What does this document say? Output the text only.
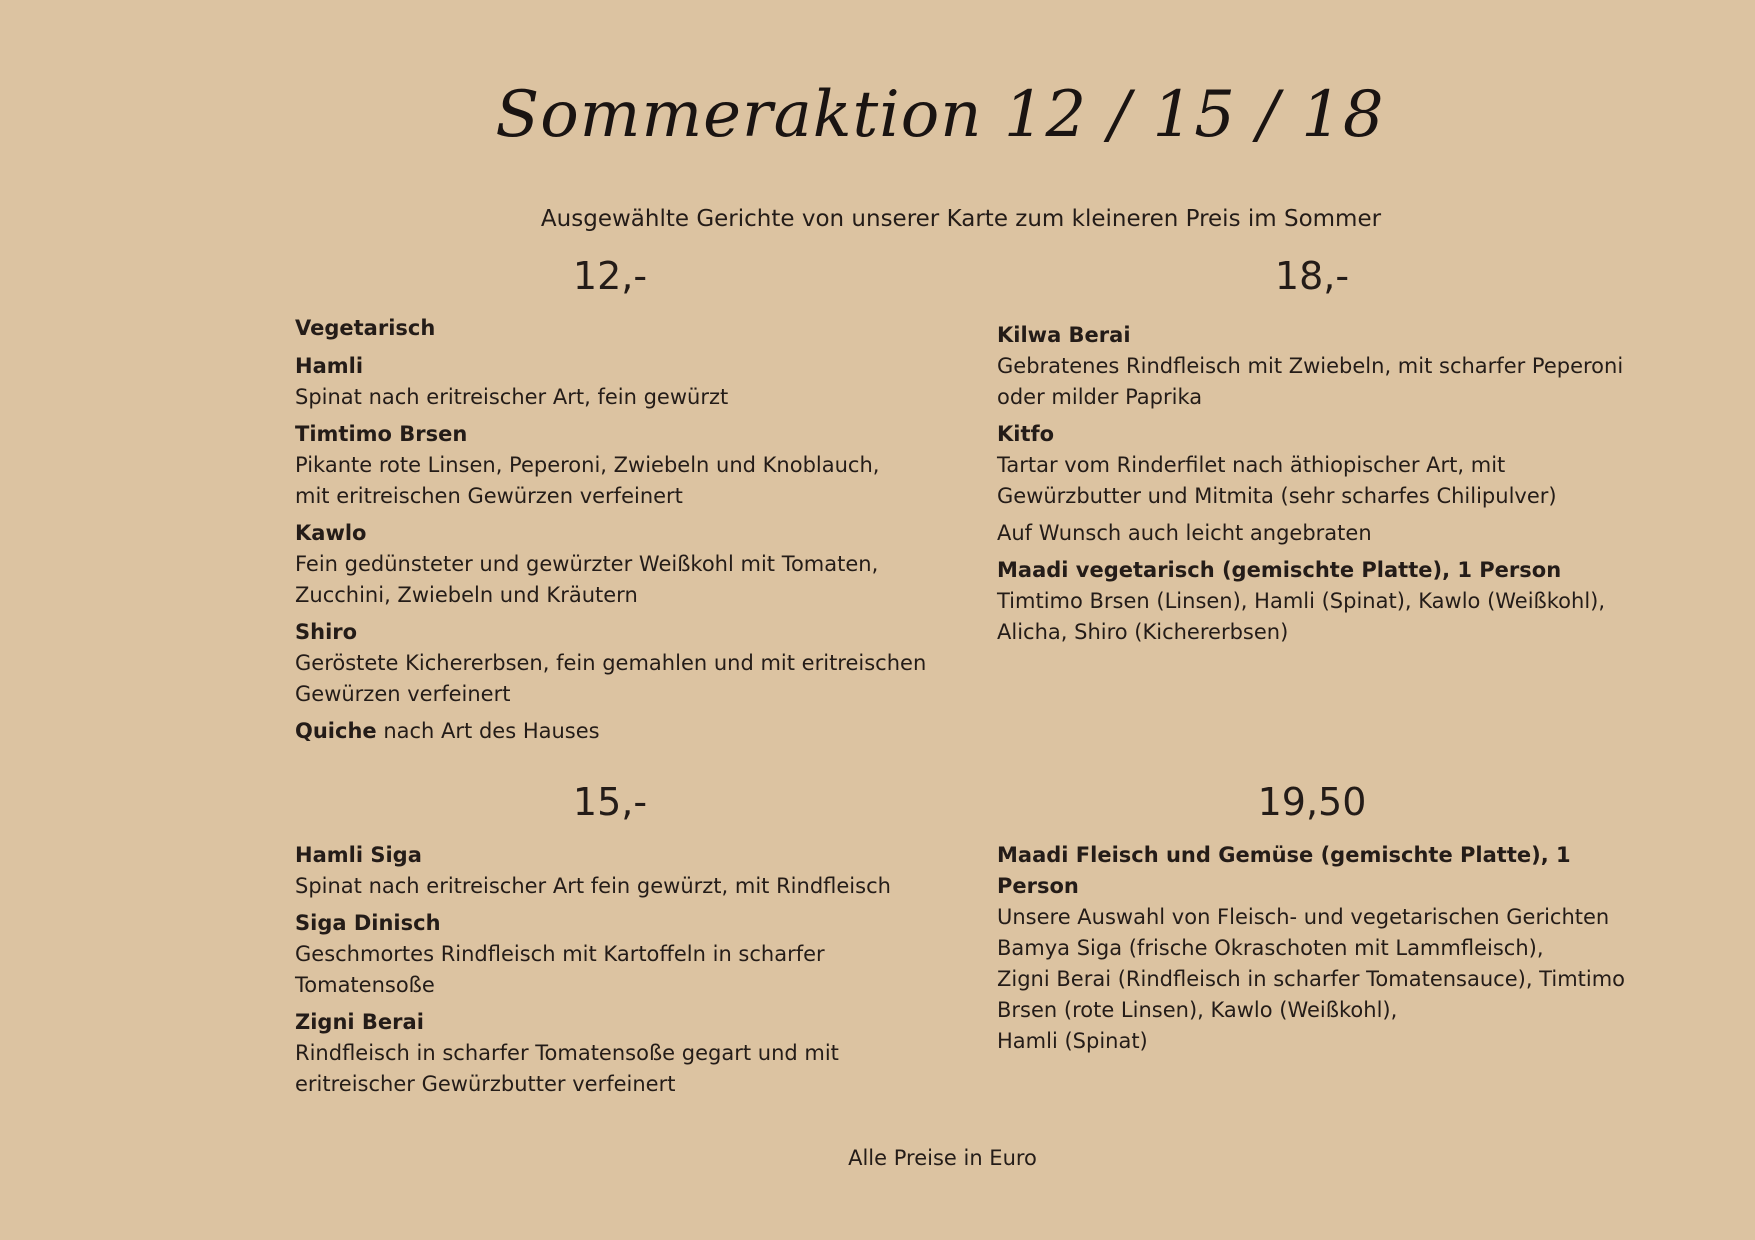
Sommeraktion 12 / 15 / 18

Ausgewählte Gerichte von unserer Karte zum kleineren Preis im Sommer

12,-
Vegetarisch
Hamli
Spinat nach eritreischer Art, fein gewürzt
Timtimo Brsen
Pikante rote Linsen, Peperoni, Zwiebeln und Knoblauch, mit eritreischen Gewürzen verfeinert
Kawlo
Fein gedünsteter und gewürzter Weißkohl mit Tomaten, Zucchini, Zwiebeln und Kräutern
Shiro
Geröstete Kichererbsen, fein gemahlen und mit eritreischen Gewürzen verfeinert
Quiche nach Art des Hauses
18,-
Kilwa Berai
Gebratenes Rindfleisch mit Zwiebeln, mit scharfer Peperoni oder milder Paprika
Kitfo
Tartar vom Rinderfilet nach äthiopischer Art, mit Gewürzbutter und Mitmita (sehr scharfes Chilipulver)
Auf Wunsch auch leicht angebraten
Maadi vegetarisch (gemischte Platte), 1 Person
Timtimo Brsen (Linsen), Hamli (Spinat), Kawlo (Weißkohl), Alicha, Shiro (Kichererbsen)
15,-
Hamli Siga
Spinat nach eritreischer Art fein gewürzt, mit Rindfleisch
Siga Dinisch
Geschmortes Rindfleisch mit Kartoffeln in scharfer Tomatensoße
Zigni Berai
Rindfleisch in scharfer Tomatensoße gegart und mit eritreischer Gewürzbutter verfeinert
19,50
Maadi Fleisch und Gemüse (gemischte Platte), 1 Person
Unsere Auswahl von Fleisch- und vegetarischen Gerichten
Bamya Siga (frische Okraschoten mit Lammfleisch),
Zigni Berai (Rindfleisch in scharfer Tomatensauce), Timtimo Brsen (rote Linsen), Kawlo (Weißkohl),
Hamli (Spinat)

Alle Preise in Euro
